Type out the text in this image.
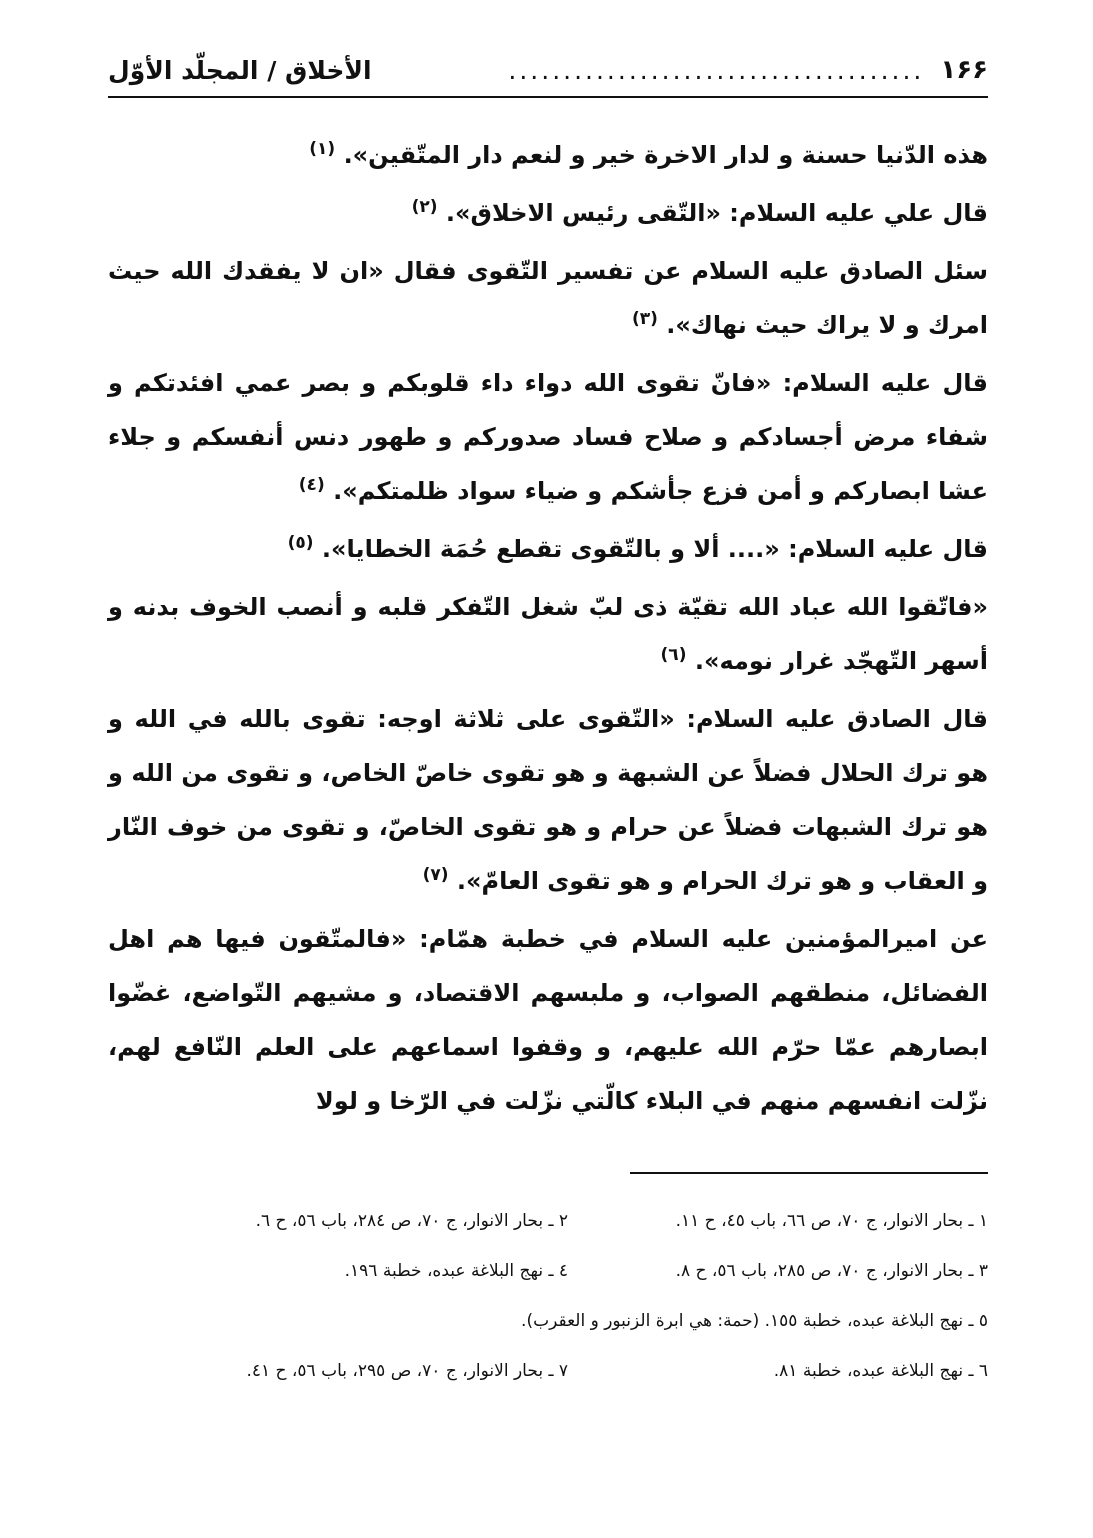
١۶۶
......................................
الأخلاق / المجلّد الأوّل

هذه الدّنيا حسنة و لدار الاخرة خير و لنعم دار المتّقين». $^{(١)}$

قال علي عليه السلام: «التّقى رئيس الاخلاق». $^{(٢)}$

سئل الصادق عليه السلام عن تفسير التّقوى فقال «ان لا يفقدك الله حيث امرك و لا يراك حيث نهاك». $^{(٣)}$

قال عليه السلام: «فانّ تقوى الله دواء داء قلوبكم و بصر عمي افئدتكم و شفاء مرض أجسادكم و صلاح فساد صدوركم و طهور دنس أنفسكم و جلاء عشا ابصاركم و أمن فزع جأشكم و ضياء سواد ظلمتكم». $^{(٤)}$

قال عليه السلام: «.... ألا و بالتّقوى تقطع حُمَة الخطايا». $^{(٥)}$

«فاتّقوا الله عباد الله تقيّة ذى لبّ شغل التّفكر قلبه و أنصب الخوف بدنه و أسهر التّهجّد غرار نومه». $^{(٦)}$

قال الصادق عليه السلام: «التّقوى على ثلاثة اوجه: تقوى بالله في الله و هو ترك الحلال فضلاً عن الشبهة و هو تقوى خاصّ الخاص، و تقوى من الله و هو ترك الشبهات فضلاً عن حرام و هو تقوى الخاصّ، و تقوى من خوف النّار و العقاب و هو ترك الحرام و هو تقوى العامّ». $^{(٧)}$

عن اميرالمؤمنين عليه السلام في خطبة همّام: «فالمتّقون فيها هم اهل الفضائل، منطقهم الصواب، و ملبسهم الاقتصاد، و مشيهم التّواضع، غضّوا ابصارهم عمّا حرّم الله عليهم، و وقفوا اسماعهم على العلم النّافع لهم، نزّلت انفسهم منهم في البلاء كالّتي نزّلت في الرّخا و لولا

١ ـ بحار الانوار، ج ٧٠، ص ٦٦، باب ٤٥، ح ١١.
٢ ـ بحار الانوار، ج ٧٠، ص ٢٨٤، باب ٥٦، ح ٦.
٣ ـ بحار الانوار، ج ٧٠، ص ٢٨٥، باب ٥٦، ح ٨.
٤ ـ نهج البلاغة عبده، خطبة ١٩٦.
٥ ـ نهج البلاغة عبده، خطبة ١٥٥. (حمة: هي ابرة الزنبور و العقرب).
٦ ـ نهج البلاغة عبده، خطبة ٨١.
٧ ـ بحار الانوار، ج ٧٠، ص ٢٩٥، باب ٥٦، ح ٤١.
